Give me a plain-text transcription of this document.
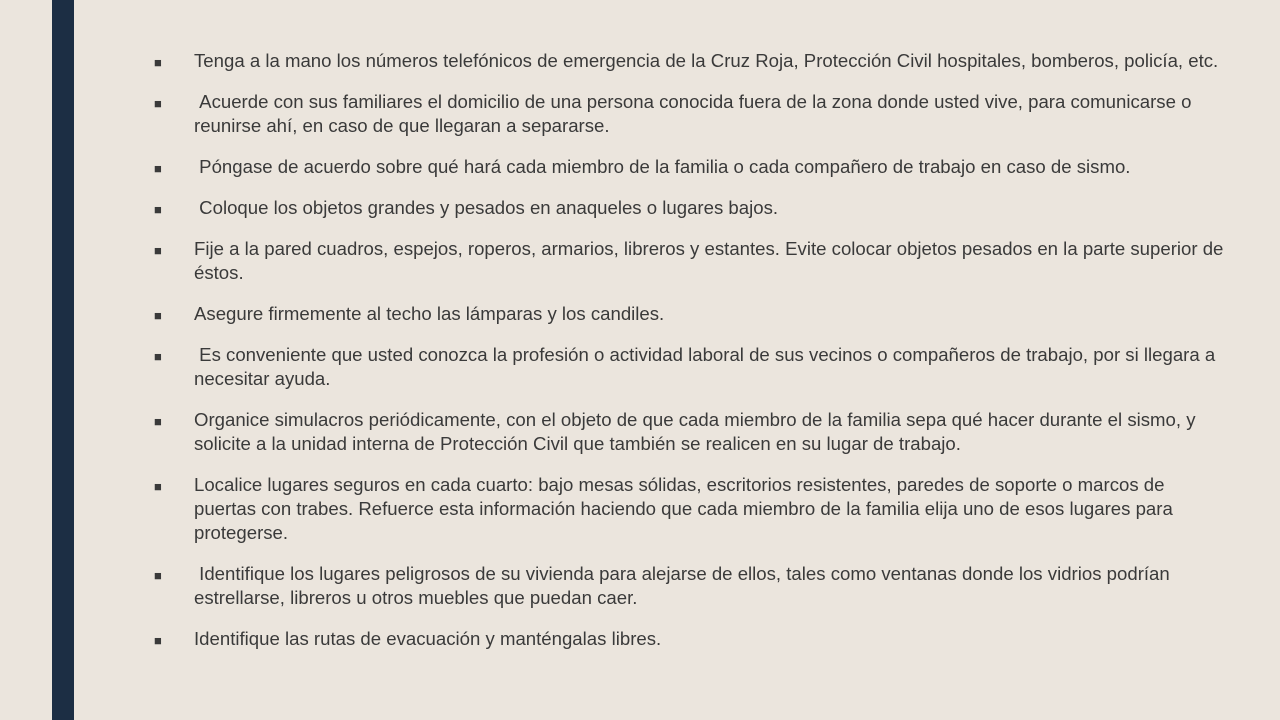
■	Tenga a la mano los números telefónicos de emergencia de la Cruz Roja, Protección Civil hospitales, bomberos, policía, etc.
■	Acuerde con sus familiares el domicilio de una persona conocida fuera de la zona donde usted vive, para comunicarse o reunirse ahí, en caso de que llegaran a separarse.
■	Póngase de acuerdo sobre qué hará cada miembro de la familia o cada compañero de trabajo en caso de sismo.
■	Coloque los objetos grandes y pesados en anaqueles o lugares bajos.
■	Fije a la pared cuadros, espejos, roperos, armarios, libreros y estantes. Evite colocar objetos pesados en la parte superior de éstos.
■	Asegure firmemente al techo las lámparas y los candiles.
■	Es conveniente que usted conozca la profesión o actividad laboral de sus vecinos o compañeros de trabajo, por si llegara a necesitar ayuda.
■	Organice simulacros periódicamente, con el objeto de que cada miembro de la familia sepa qué hacer durante el sismo, y solicite a la unidad interna de Protección Civil que también se realicen en su lugar de trabajo.
■	Localice lugares seguros en cada cuarto: bajo mesas sólidas, escritorios resistentes, paredes de soporte o marcos de puertas con trabes. Refuerce esta información haciendo que cada miembro de la familia elija uno de esos lugares para protegerse.
■	Identifique los lugares peligrosos de su vivienda para alejarse de ellos, tales como ventanas donde los vidrios podrían estrellarse, libreros u otros muebles que puedan caer.
■	Identifique las rutas de evacuación y manténgalas libres.
